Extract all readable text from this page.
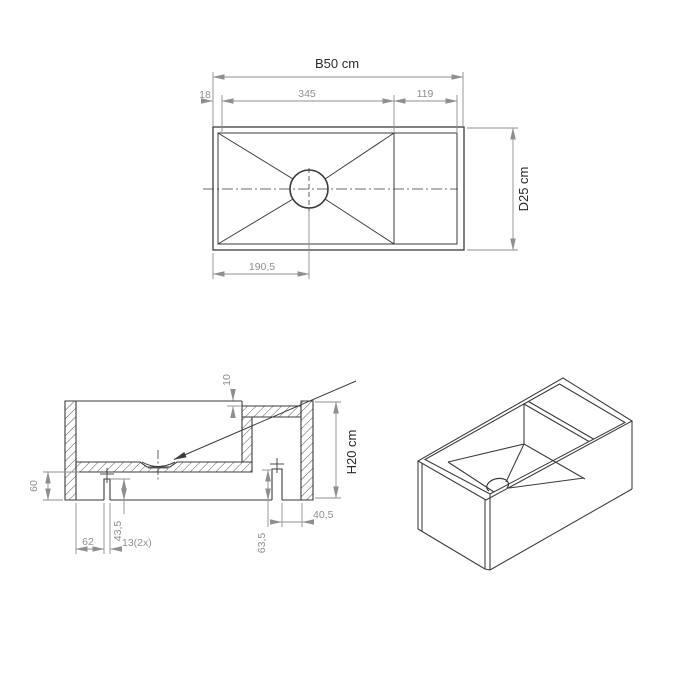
B50 cm
D25 cm
18	345	119
190,5
H20 cm
10
60
43,5
63,5
62	13(2x)
40,5
